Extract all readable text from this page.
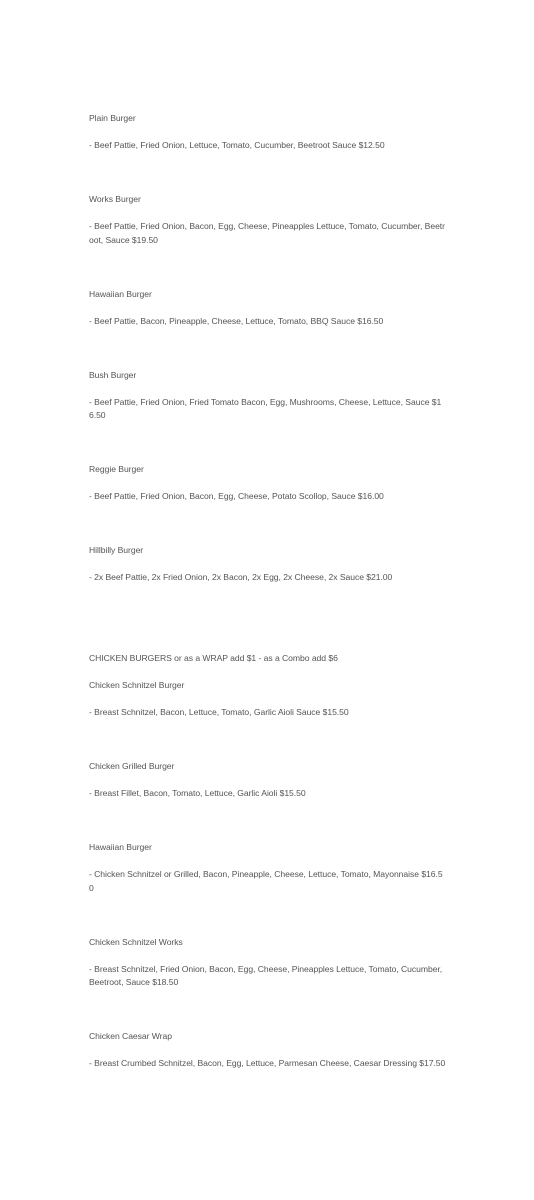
Plain Burger

- Beef Pattie, Fried Onion, Lettuce, Tomato, Cucumber, Beetroot Sauce $12.50

Works Burger

- Beef Pattie, Fried Onion, Bacon, Egg, Cheese, Pineapples Lettuce, Tomato, Cucumber, Beetroot, Sauce $19.50

Hawaiian Burger

- Beef Pattie, Bacon, Pineapple, Cheese, Lettuce, Tomato, BBQ Sauce $16.50

Bush Burger

- Beef Pattie, Fried Onion, Fried Tomato Bacon, Egg, Mushrooms, Cheese, Lettuce, Sauce $16.50

Reggie Burger

- Beef Pattie, Fried Onion, Bacon, Egg, Cheese, Potato Scollop, Sauce $16.00

Hillbilly Burger

- 2x Beef Pattie, 2x Fried Onion, 2x Bacon, 2x Egg, 2x Cheese, 2x Sauce $21.00

CHICKEN BURGERS or as a WRAP add $1 - as a Combo add $6

Chicken Schnitzel Burger

- Breast Schnitzel, Bacon, Lettuce, Tomato, Garlic Aioli Sauce $15.50

Chicken Grilled Burger

- Breast Fillet, Bacon, Tomato, Lettuce, Garlic Aioli $15.50

Hawaiian Burger

- Chicken Schnitzel or Grilled, Bacon, Pineapple, Cheese, Lettuce, Tomato, Mayonnaise $16.50

Chicken Schnitzel Works

- Breast Schnitzel, Fried Onion, Bacon, Egg, Cheese, Pineapples Lettuce, Tomato, Cucumber, Beetroot, Sauce $18.50

Chicken Caesar Wrap

- Breast Crumbed Schnitzel, Bacon, Egg, Lettuce, Parmesan Cheese, Caesar Dressing $17.50
